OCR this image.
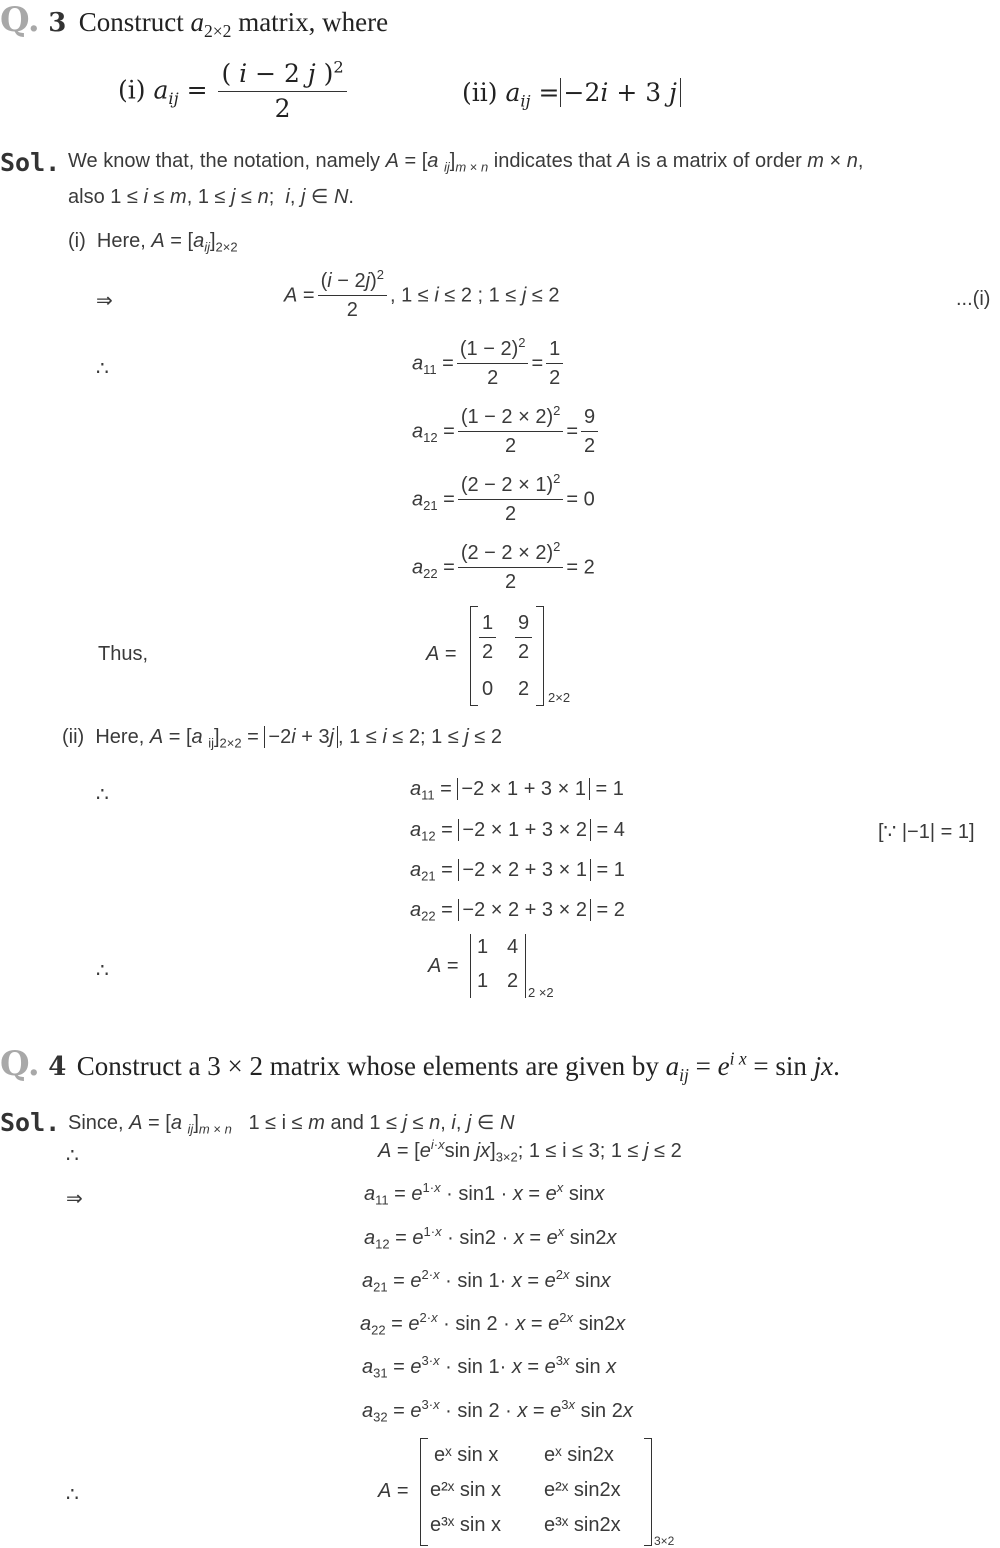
Q. 3 Construct $a_{2\times 2}$ matrix, where
(i) $a_{ij} = \frac{( i - 2 j )^2}{2}$	(ii) $a_{ij} = -2i + 3$ j
Sol. We know that, the notation, namely A = [a $_{ij}]_{m \times n}$ indicates that A is a matrix of order m × n,
also 1 ≤ i ≤ m, 1 ≤ j ≤ n;  i, j ∈ N.
(i) Here, $A = [a_{ij}]_{2\times 2}$
⇒	$A = \frac{(i - 2j)^2}{2}$ , 1 ≤ i ≤ 2 ; 1 ≤ j ≤ 2	...(i)
∴	$a_{11} = \frac{(1 - 2)^2}{2} = \frac{1}{2}$
$a_{12} = \frac{(1 - 2 \times 2)^2}{2} = \frac{9}{2}$
$a_{21} = \frac{(2 - 2 \times 1)^2}{2} = 0$
$a_{22} = \frac{(2 - 2 \times 2)^2}{2} = 2$
Thus,	$A = \frac{1}{2} \frac{9}{2}$
0 2 2×2
(ii) Here, A = [a $_{ij}]_{2\times 2} = -2i + 3j$ , 1 ≤ i ≤ 2; 1 ≤ j ≤ 2
∴	$a_{11} = -2 \times 1 + 3 \times 1 = 1$
$a_{12} = -2 \times 1 + 3 \times 2 = 4$	[∵ |−1| = 1]
$a_{21} = -2 \times 2 + 3 \times 1 = 1$
$a_{22} = -2 \times 2 + 3 \times 2 = 2$
∴	A =
1 4
1 2
2 ×2
Q. 4 Construct a 3 × 2 matrix whose elements are given by $a_{ij} = e^{i x} = \sin$ jx.
Sol. Since, A = [a $_{ij}]_{m \times n}$   1 ≤ i ≤ m and 1 ≤ j ≤ n, i, j ∈ N
∴	$A = [e^{i\cdot x}\sin$ $jx]_{3\times 2}$; 1 ≤ i ≤ 3; 1 ≤ j ≤ 2
⇒	$a_{11} = e^{1\cdot x} \cdot \sin 1 \cdot x = e^x$ sinx
$a_{12} = e^{1\cdot x} \cdot \sin 2 \cdot x = e^x$ sin2x
$a_{21} = e^{2\cdot x} \cdot \sin 1\cdot x = e^{2x}$ sinx
$a_{22} = e^{2\cdot x} \cdot \sin 2 \cdot x = e^{2x}$ sin2x
$a_{31} = e^{3\cdot x} \cdot \sin 1\cdot x = e^{3x}$ sin x
$a_{32} = e^{3\cdot x} \cdot \sin 2 \cdot x = e^{3x}$ sin 2x
∴	A =
eˣ sin x eˣ sin2x
e²ˣ sin x e²ˣ sin2x
e³ˣ sin x e³ˣ sin2x
3×2
